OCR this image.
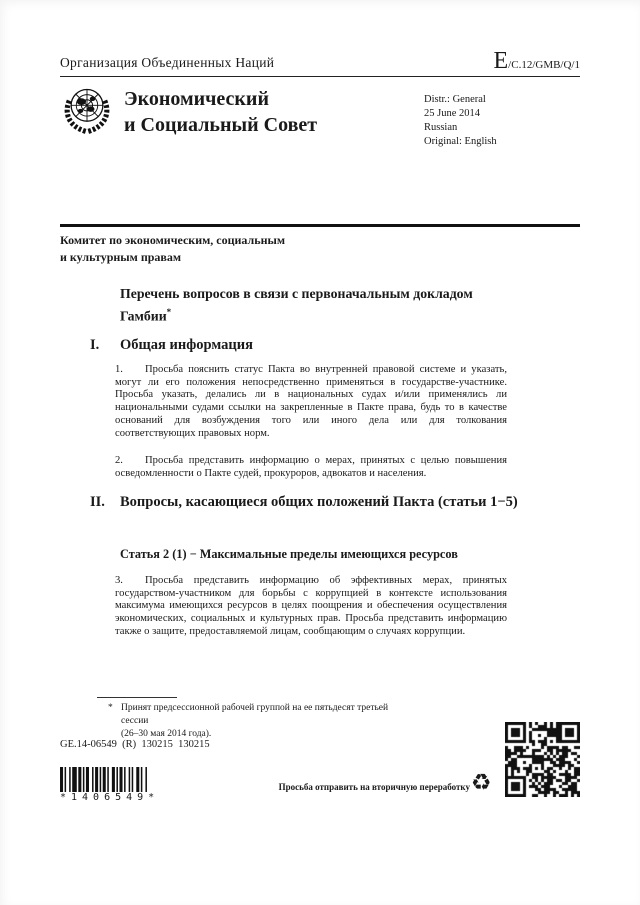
Организация Объединенных Наций	E/C.12/GMB/Q/1
Экономический
и Социальный Совет
Distr.: General
25 June 2014
Russian
Original: English
Комитет по экономическим, социальным
и культурным правам
Перечень вопросов в связи с первоначальным докладом Гамбии*
I. Общая информация

1. Просьба пояснить статус Пакта во внутренней правовой системе и указать, могут ли его положения непосредственно применяться в государстве-участнике. Просьба указать, делались ли в национальных судах и/или применялись ли национальными судами ссылки на закрепленные в Пакте права, будь то в качестве оснований для возбуждения того или иного дела или для толкования соответствующих правовых норм.

2. Просьба представить информацию о мерах, принятых с целью повышения осведомленности о Пакте судей, прокуроров, адвокатов и населения.

II. Вопросы, касающиеся общих положений Пакта (статьи 1−5)
Статья 2 (1) − Максимальные пределы имеющихся ресурсов

3. Просьба представить информацию об эффективных мерах, принятых государством-участником для борьбы с коррупцией в контексте использования максимума имеющихся ресурсов в целях поощрения и обеспечения осуществления экономических, социальных и культурных прав. Просьба представить информацию также о защите, предоставляемой лицам, сообщающим о случаях коррупции.

* Принят предсессионной рабочей группой на ее пятьдесят третьей сессии
(26–30 мая 2014 года).
GE.14-06549  (R)  130215  130215
*1406549*
Просьба отправить на вторичную переработку ♻
